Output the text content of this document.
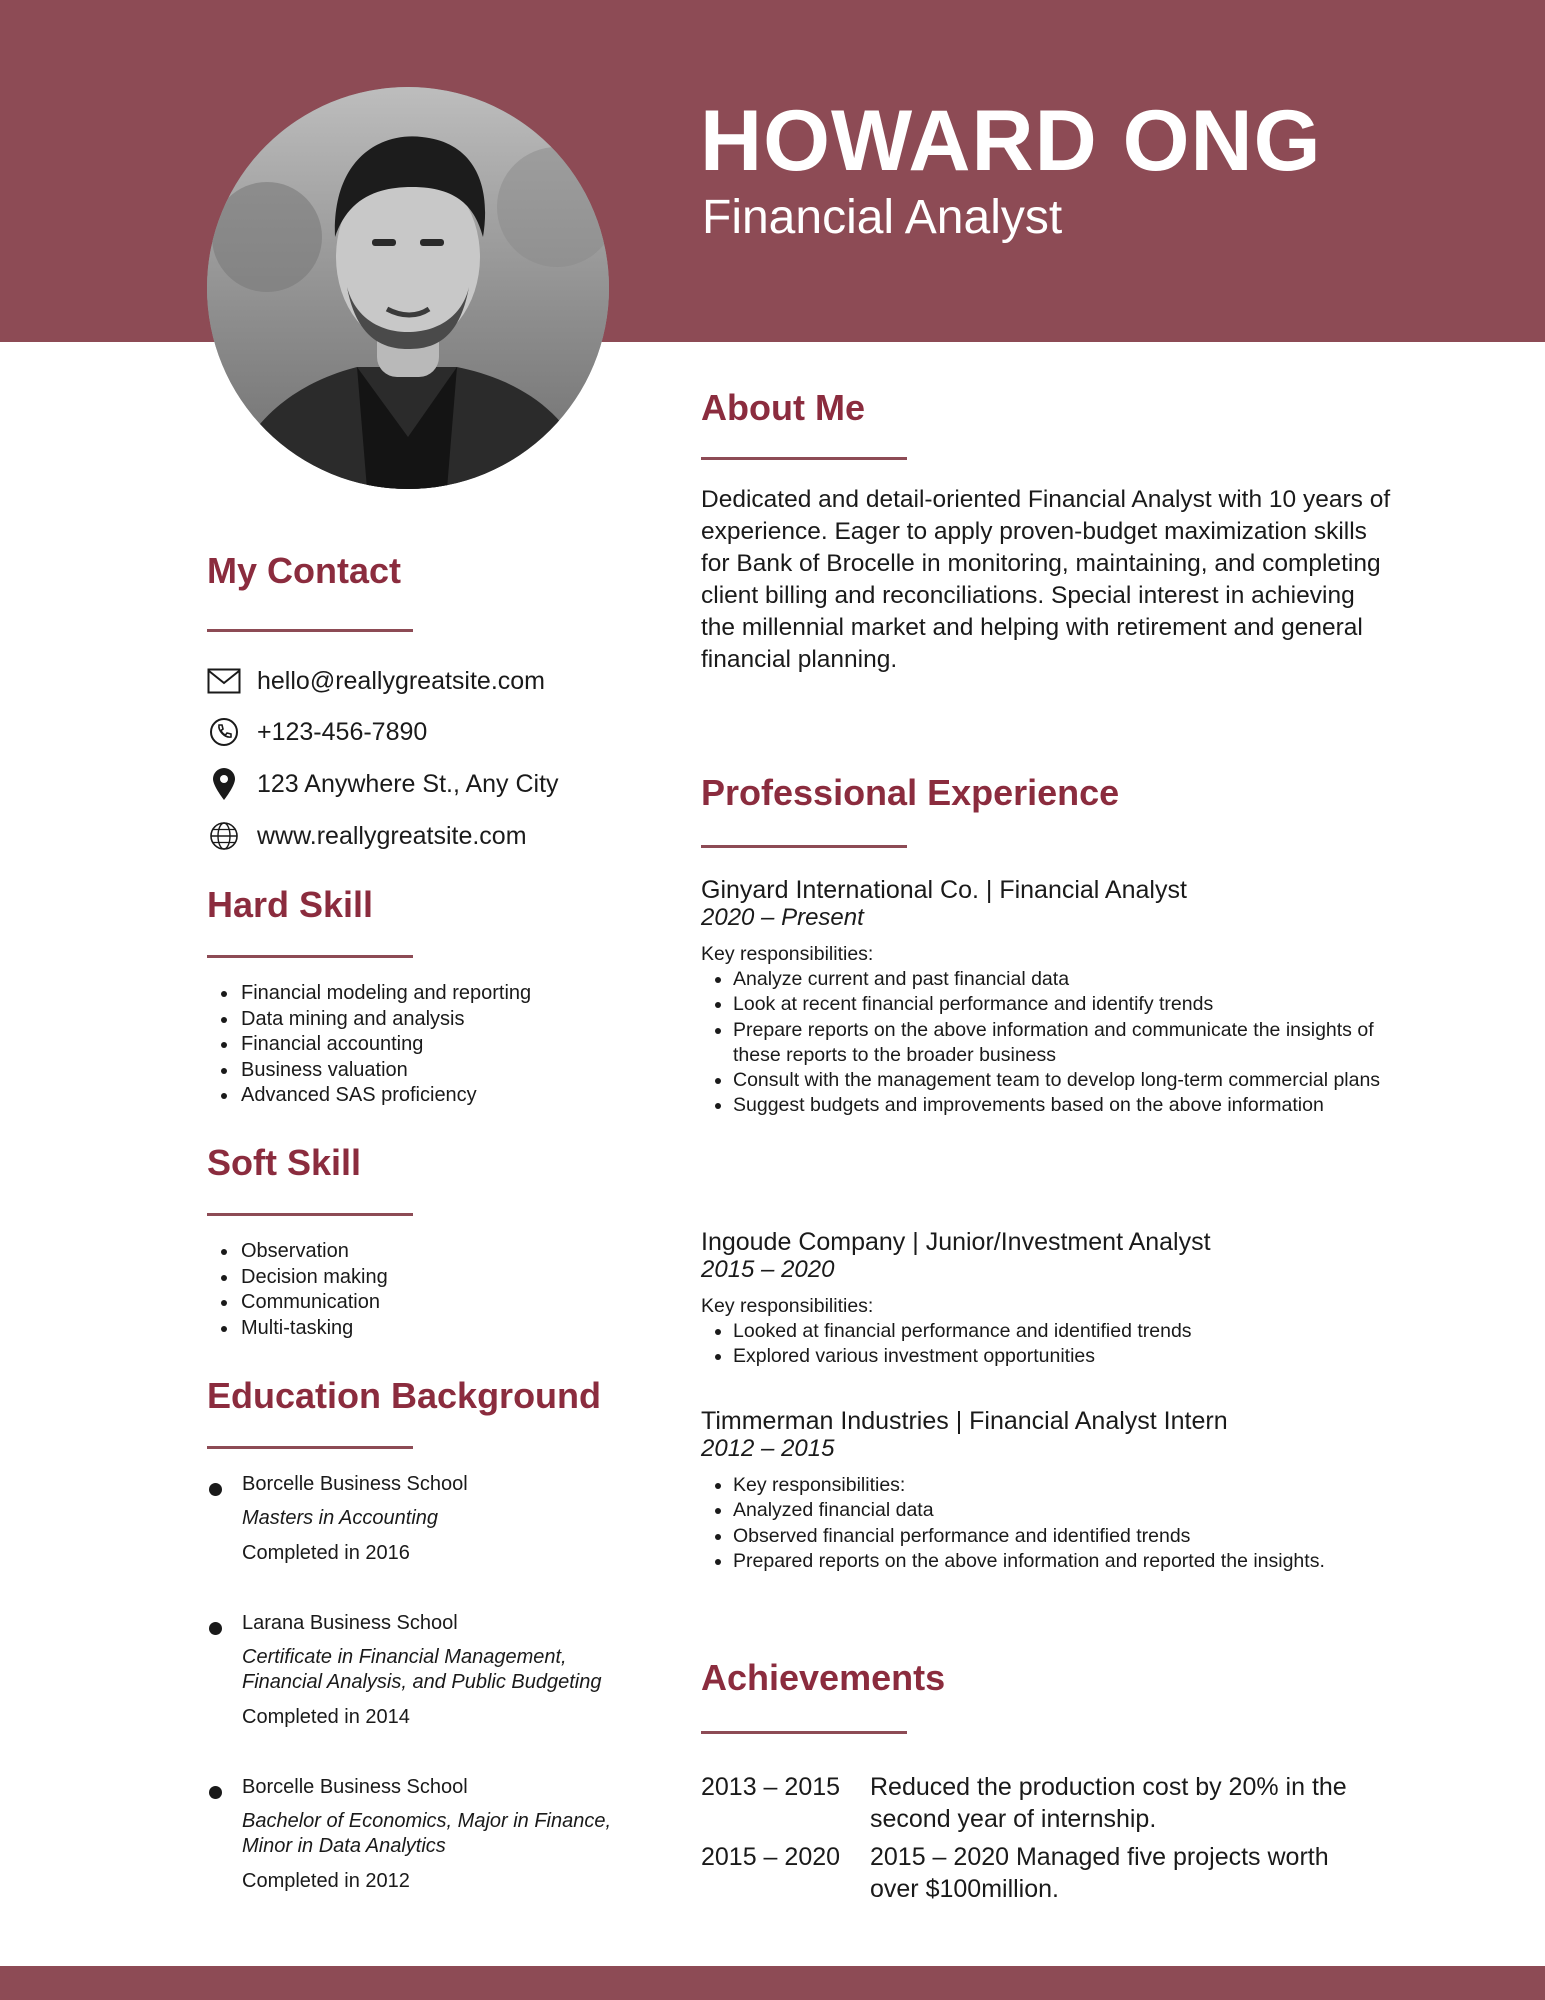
HOWARD ONG
Financial Analyst
My Contact
hello@reallygreatsite.com
+123-456-7890
123 Anywhere St., Any City
www.reallygreatsite.com
Hard Skill
• Financial modeling and reporting
• Data mining and analysis
• Financial accounting
• Business valuation
• Advanced SAS proficiency
Soft Skill
• Observation
• Decision making
• Communication
• Multi-tasking
Education Background
Borcelle Business School
Masters in Accounting
Completed in 2016
Larana Business School
Certificate in Financial Management, Financial Analysis, and Public Budgeting
Completed in 2014
Borcelle Business School
Bachelor of Economics, Major in Finance, Minor in Data Analytics
Completed in 2012
About Me
Dedicated and detail-oriented Financial Analyst with 10 years of experience. Eager to apply proven-budget maximization skills for Bank of Brocelle in monitoring, maintaining, and completing client billing and reconciliations. Special interest in achieving the millennial market and helping with retirement and general financial planning.
Professional Experience
Ginyard International Co. | Financial Analyst
2020 – Present
Key responsibilities:
• Analyze current and past financial data
• Look at recent financial performance and identify trends
• Prepare reports on the above information and communicate the insights of these reports to the broader business
• Consult with the management team to develop long-term commercial plans
• Suggest budgets and improvements based on the above information
Ingoude Company | Junior/Investment Analyst
2015 – 2020
Key responsibilities:
• Looked at financial performance and identified trends
• Explored various investment opportunities
Timmerman Industries | Financial Analyst Intern
2012 – 2015
• Key responsibilities:
• Analyzed financial data
• Observed financial performance and identified trends
• Prepared reports on the above information and reported the insights.
Achievements
2013 – 2015	Reduced the production cost by 20% in the second year of internship.
2015 – 2020	2015 – 2020 Managed five projects worth over $100million.
